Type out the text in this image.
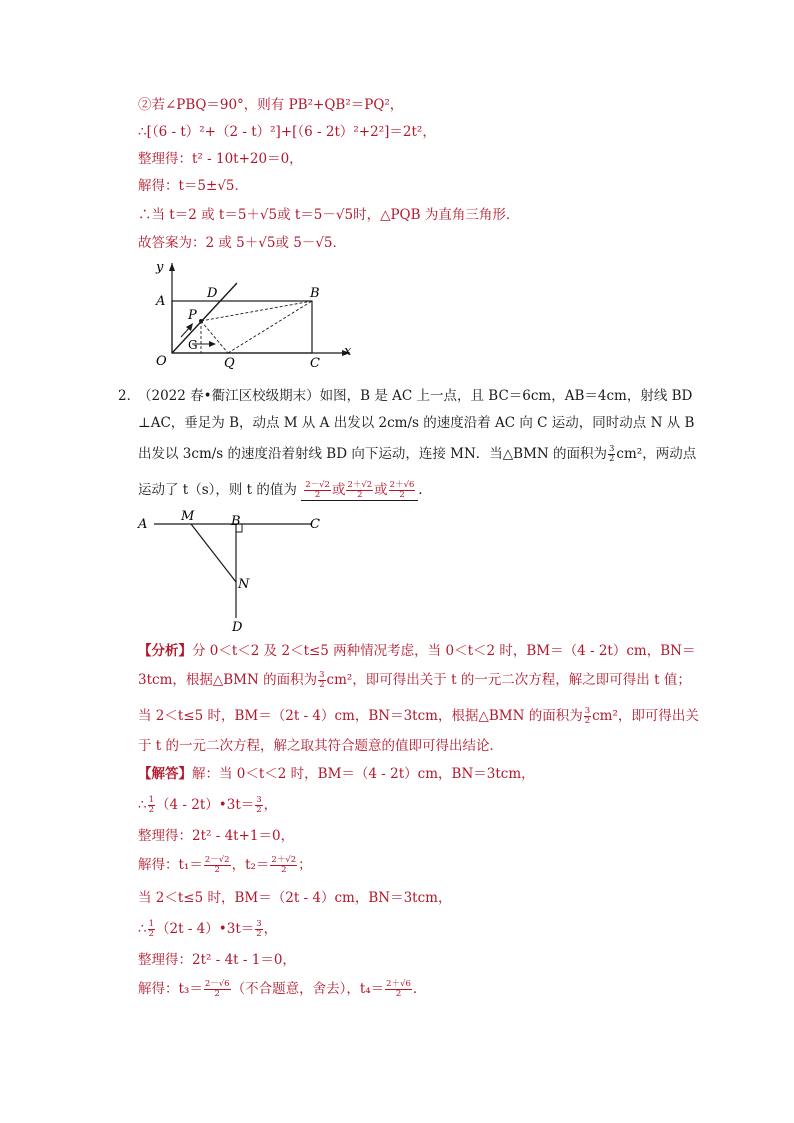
②若∠PBQ＝90°，则有 PB²+QB²＝PQ²，
∴[（6 - t）²+（2 - t）²]+[（6 - 2t）²+2²]＝2t²，
整理得：t² - 10t+20＝0，
解得：t＝5±√5．
∴当 t＝2 或 t＝5＋√5或 t＝5－√5时，△PQB 为直角三角形．
故答案为：2 或 5＋√5或 5－√5．
y
A
D	B
P
G
O	Q	C
x
2．
（2022 春•衢江区校级期末）如图，B 是 AC 上一点，且 BC＝6cm，AB＝4cm，射线 BD
⊥AC，垂足为 B，动点 M 从 A 出发以 2cm/s 的速度沿着 AC 向 C 运动，同时动点 N 从 B
出发以 3cm/s 的速度沿着射线 BD 向下运动，连接 MN．当△BMN 的面积为 $\frac{3}{2} cm^2$，两动点
运动了 t（s），则 t 的值为 $\frac{2-√2}{2}$ 或 $\frac{2+√2}{2}$ 或 $\frac{2+√6}{2}$ ．
A
M	B	C
N
D
【分析】分 0＜t＜2 及 2＜t≤5 两种情况考虑，当 0＜t＜2 时，BM＝（4 - 2t）cm，BN＝
3tcm，根据△BMN 的面积为 $\frac{3}{2} cm^2$，即可得出关于 t 的一元二次方程，解之即可得出 t 值；
当 2＜t≤5 时，BM＝（2t - 4）cm，BN＝3tcm，根据△BMN 的面积为 $\frac{3}{2} cm^2$，即可得出关
于 t 的一元二次方程，解之取其符合题意的值即可得出结论．
【解答】解：当 0＜t＜2 时，BM＝（4 - 2t）cm，BN＝3tcm，
∴ $\frac{1}{2} (4$ - 2t）•3t＝ $\frac{3}{2}$ ，
整理得：2t² - 4t+1＝0，
解得：$t_1= \frac{2-√2}{2}$ ，$t_2= \frac{2+√2}{2}$ ；
当 2＜t≤5 时，BM＝（2t - 4）cm，BN＝3tcm，
∴ $\frac{1}{2} (2t$ - 4）•3t＝ $\frac{3}{2}$ ，
整理得：2t² - 4t - 1＝0，
解得：$t_3= \frac{2-√6}{2}$ （不合题意，舍去），$t_4= \frac{2+√6}{2}$ ．
